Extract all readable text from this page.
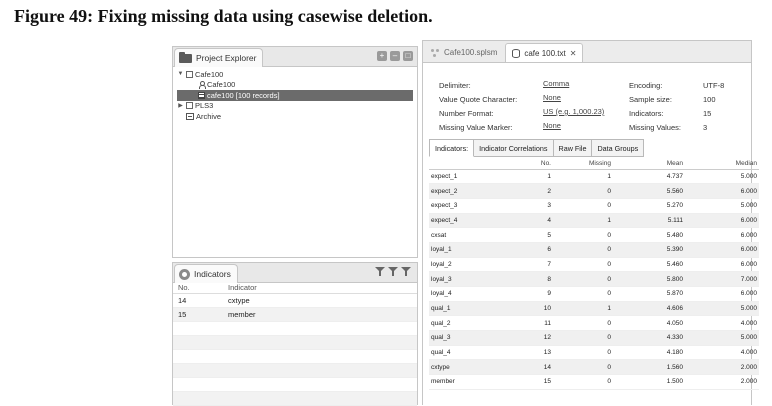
Figure 49: Fixing missing data using casewise deletion.
Project Explorer	+	–	□
▼ Cafe100
Cafe100
cafe100 [100 records]
▶ PLS3
Archive
Indicators
No.	Indicator
14	cxtype
15	member

Cafe100.splsm	cafe 100.txt ✕
Delimiter:	Comma
Value Quote Character:	None
Number Format:	US (e.g. 1,000.23)
Missing Value Marker:	None
Encoding:	UTF-8
Sample size:	100
Indicators:	15
Missing Values:	3
Indicators:	Indicator Correlations	Raw File	Data Groups
	No.	Missing	Mean	Median
expect_1	1	1	4.737	5.000
expect_2	2	0	5.560	6.000
expect_3	3	0	5.270	5.000
expect_4	4	1	5.111	6.000
cxsat	5	0	5.480	6.000
loyal_1	6	0	5.390	6.000
loyal_2	7	0	5.460	6.000
loyal_3	8	0	5.800	7.000
loyal_4	9	0	5.870	6.000
qual_1	10	1	4.606	5.000
qual_2	11	0	4.050	4.000
qual_3	12	0	4.330	5.000
qual_4	13	0	4.180	4.000
cxtype	14	0	1.560	2.000
member	15	0	1.500	2.000
